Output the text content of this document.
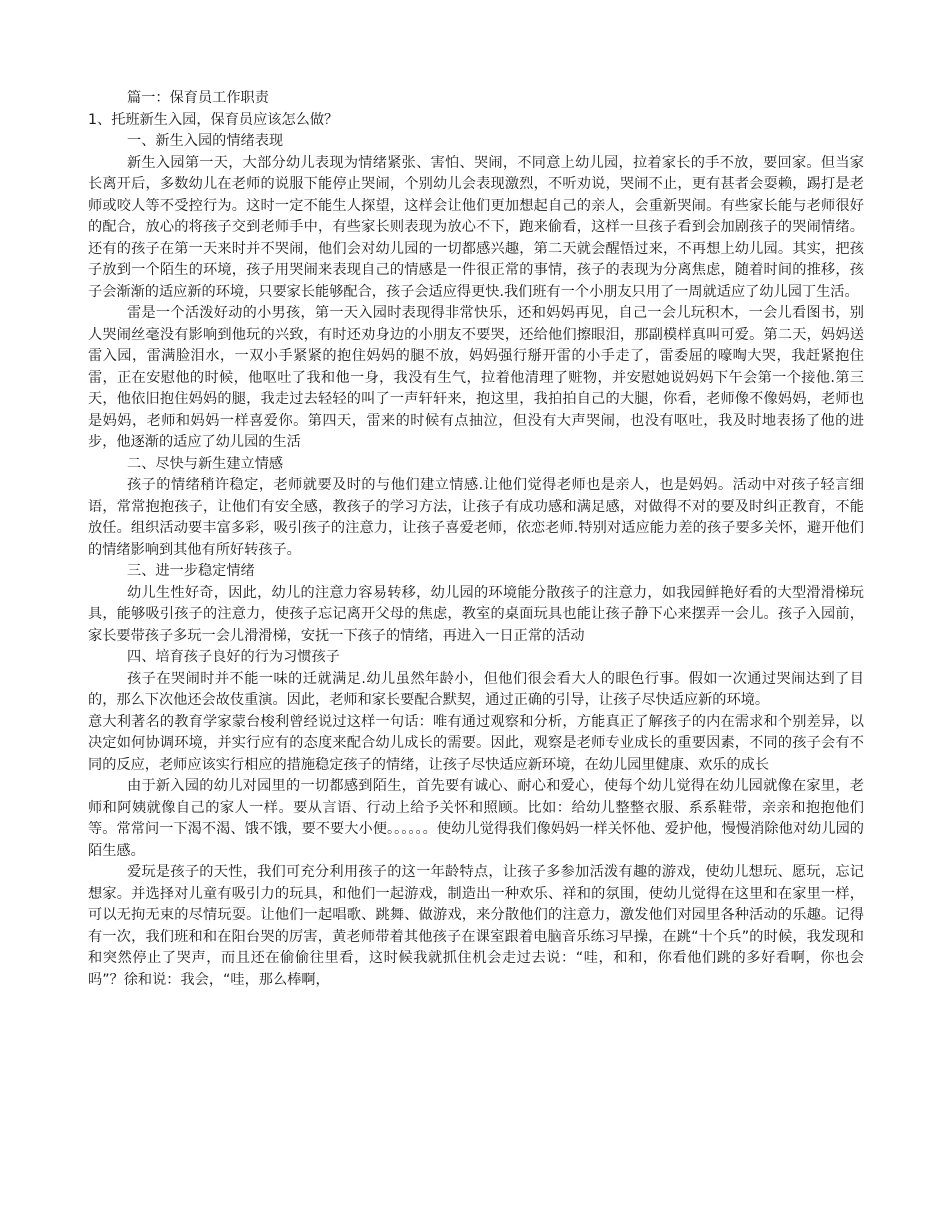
篇一：保育员工作职责

1、托班新生入园，保育员应该怎么做？

一、新生入园的情绪表现

新生入园第一天，大部分幼儿表现为情绪紧张、害怕、哭闹，不同意上幼儿园，拉着家长的手不放，要回家。但当家长离开后，多数幼儿在老师的说服下能停止哭闹，个别幼儿会表现激烈，不听劝说，哭闹不止，更有甚者会耍赖，踢打是老师或咬人等不受控行为。这时一定不能生人探望，这样会让他们更加想起自己的亲人，会重新哭闹。有些家长能与老师很好的配合，放心的将孩子交到老师手中，有些家长则表现为放心不下，跑来偷看，这样一旦孩子看到会加剧孩子的哭闹情绪。还有的孩子在第一天来时并不哭闹，他们会对幼儿园的一切都感兴趣，第二天就会醒悟过来，不再想上幼儿园。其实，把孩子放到一个陌生的环境，孩子用哭闹来表现自己的情感是一件很正常的事情，孩子的表现为分离焦虑，随着时间的推移，孩子会渐渐的适应新的环境，只要家长能够配合，孩子会适应得更快.我们班有一个小朋友只用了一周就适应了幼儿园丁生活。

雷是一个活泼好动的小男孩，第一天入园时表现得非常快乐，还和妈妈再见，自己一会儿玩积木，一会儿看图书，别人哭闹丝毫没有影响到他玩的兴致，有时还劝身边的小朋友不要哭，还给他们擦眼泪，那副模样真叫可爱。第二天，妈妈送雷入园，雷满脸泪水，一双小手紧紧的抱住妈妈的腿不放，妈妈强行掰开雷的小手走了，雷委屈的嚎啕大哭，我赶紧抱住雷，正在安慰他的时候，他呕吐了我和他一身，我没有生气，拉着他清理了赃物，并安慰她说妈妈下午会第一个接他.第三天，他依旧抱住妈妈的腿，我走过去轻轻的叫了一声轩轩来，抱这里，我拍拍自己的大腿，你看，老师像不像妈妈，老师也是妈妈，老师和妈妈一样喜爱你。第四天，雷来的时候有点抽泣，但没有大声哭闹，也没有呕吐，我及时地表扬了他的进步，他逐渐的适应了幼儿园的生活

二、尽快与新生建立情感

孩子的情绪稍许稳定，老师就要及时的与他们建立情感.让他们觉得老师也是亲人，也是妈妈。活动中对孩子轻言细语，常常抱抱孩子，让他们有安全感，教孩子的学习方法，让孩子有成功感和满足感，对做得不对的要及时纠正教育，不能放任。组织活动要丰富多彩，吸引孩子的注意力，让孩子喜爱老师，依恋老师.特别对适应能力差的孩子要多关怀，避开他们的情绪影响到其他有所好转孩子。

三、进一步稳定情绪

幼儿生性好奇，因此，幼儿的注意力容易转移，幼儿园的环境能分散孩子的注意力，如我园鲜艳好看的大型滑滑梯玩具，能够吸引孩子的注意力，使孩子忘记离开父母的焦虑，教室的桌面玩具也能让孩子静下心来摆弄一会儿。孩子入园前，家长要带孩子多玩一会儿滑滑梯，安抚一下孩子的情绪，再进入一日正常的活动

四、培育孩子良好的行为习惯孩子

孩子在哭闹时并不能一味的迁就满足.幼儿虽然年龄小，但他们很会看大人的眼色行事。假如一次通过哭闹达到了目的，那么下次他还会故伎重演。因此，老师和家长要配合默契，通过正确的引导，让孩子尽快适应新的环境。

意大利著名的教育学家蒙台梭利曾经说过这样一句话：唯有通过观察和分析，方能真正了解孩子的内在需求和个别差异，以决定如何协调环境，并实行应有的态度来配合幼儿成长的需要。因此，观察是老师专业成长的重要因素，不同的孩子会有不同的反应，老师应该实行相应的措施稳定孩子的情绪，让孩子尽快适应新环境，在幼儿园里健康、欢乐的成长

由于新入园的幼儿对园里的一切都感到陌生，首先要有诚心、耐心和爱心，使每个幼儿觉得在幼儿园就像在家里，老师和阿姨就像自己的家人一样。要从言语、行动上给予关怀和照顾。比如：给幼儿整整衣服、系系鞋带，亲亲和抱抱他们等。常常问一下渴不渴、饿不饿，要不要大小便。。。。。。使幼儿觉得我们像妈妈一样关怀他、爱护他，慢慢消除他对幼儿园的陌生感。

爱玩是孩子的天性，我们可充分利用孩子的这一年龄特点，让孩子多参加活泼有趣的游戏，使幼儿想玩、愿玩，忘记想家。并选择对儿童有吸引力的玩具，和他们一起游戏，制造出一种欢乐、祥和的氛围，使幼儿觉得在这里和在家里一样，可以无拘无束的尽情玩耍。让他们一起唱歌、跳舞、做游戏，来分散他们的注意力，激发他们对园里各种活动的乐趣。记得有一次，我们班和和在阳台哭的厉害，黄老师带着其他孩子在课室跟着电脑音乐练习早操，在跳“十个兵”的时候，我发现和和突然停止了哭声，而且还在偷偷往里看，这时候我就抓住机会走过去说：“哇，和和，你看他们跳的多好看啊，你也会吗”？徐和说：我会，“哇，那么棒啊，
